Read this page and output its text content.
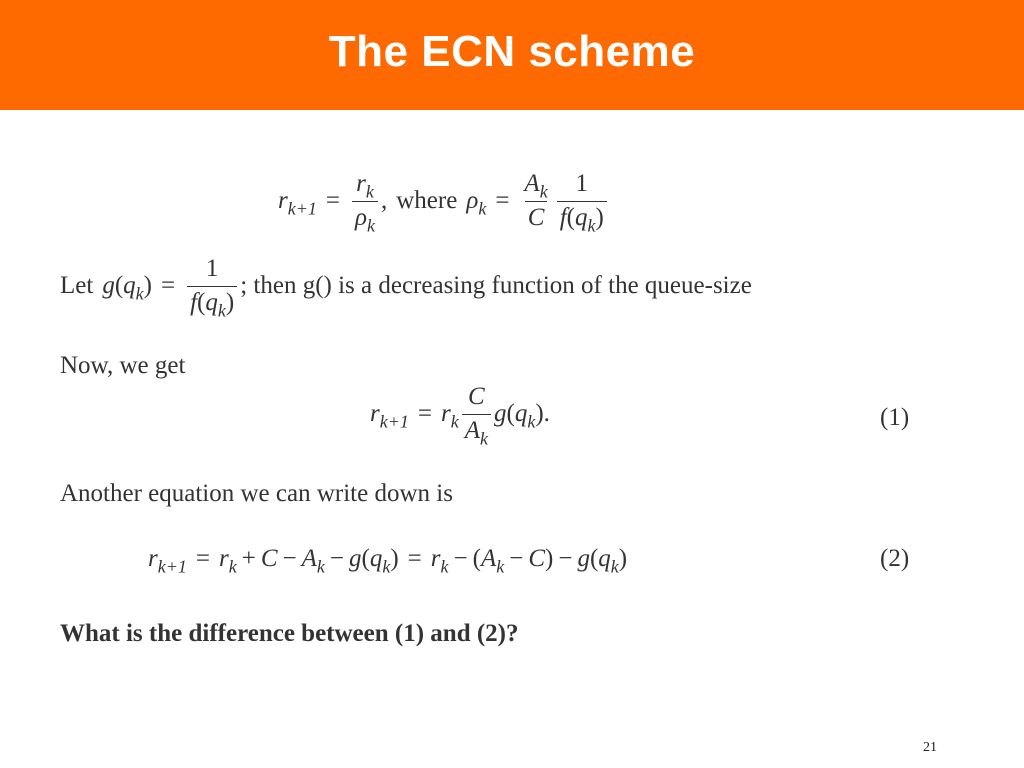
The ECN scheme
$r_{k+1} = \frac{r_k}{\rho_k}$ , where $\rho_k = \frac{A_k}{C} \frac{1}{f(q_k)}$
Let $g(q_k) = \frac{1}{f(q_k)}$ ; then g() is a decreasing function of the queue-size
Now, we get
$r_{k+1} = r_k \frac{C}{A_k} g(q_k)$.	(1)
Another equation we can write down is
$r_{k+1} = r_k + C - A_k - g(q_k) = r_k - (A_k - C) - g(q_k)$	(2)
What is the difference between (1) and (2)?
21
